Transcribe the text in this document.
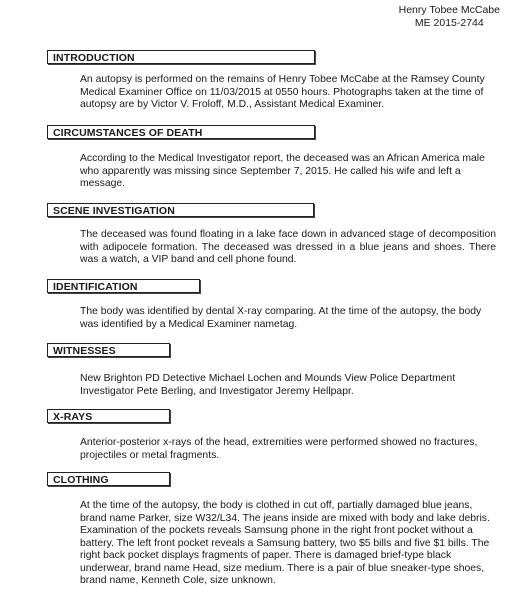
Henry Tobee McCabe
ME 2015-2744
INTRODUCTION
An autopsy is performed on the remains of Henry Tobee McCabe at the Ramsey County Medical Examiner Office on 11/03/2015 at 0550 hours. Photographs taken at the time of autopsy are by Victor V. Froloff, M.D., Assistant Medical Examiner.
CIRCUMSTANCES OF DEATH
According to the Medical Investigator report, the deceased was an African America male who apparently was missing since September 7, 2015. He called his wife and left a message.
SCENE INVESTIGATION
The deceased was found floating in a lake face down in advanced stage of decomposition with adipocele formation. The deceased was dressed in a blue jeans and shoes. There was a watch, a VIP band and cell phone found.
IDENTIFICATION
The body was identified by dental X-ray comparing. At the time of the autopsy, the body was identified by a Medical Examiner nametag.
WITNESSES
New Brighton PD Detective Michael Lochen and Mounds View Police Department Investigator Pete Berling, and Investigator Jeremy Hellpapr.
X-RAYS
Anterior-posterior x-rays of the head, extremities were performed showed no fractures, projectiles or metal fragments.
CLOTHING
At the time of the autopsy, the body is clothed in cut off, partially damaged blue jeans, brand name Parker, size W32/L34. The jeans inside are mixed with body and lake debris. Examination of the pockets reveals Samsung phone in the right front pocket without a battery. The left front pocket reveals a Samsung battery, two $5 bills and five $1 bills. The right back pocket displays fragments of paper. There is damaged brief-type black underwear, brand name Head, size medium. There is a pair of blue sneaker-type shoes, brand name, Kenneth Cole, size unknown.
